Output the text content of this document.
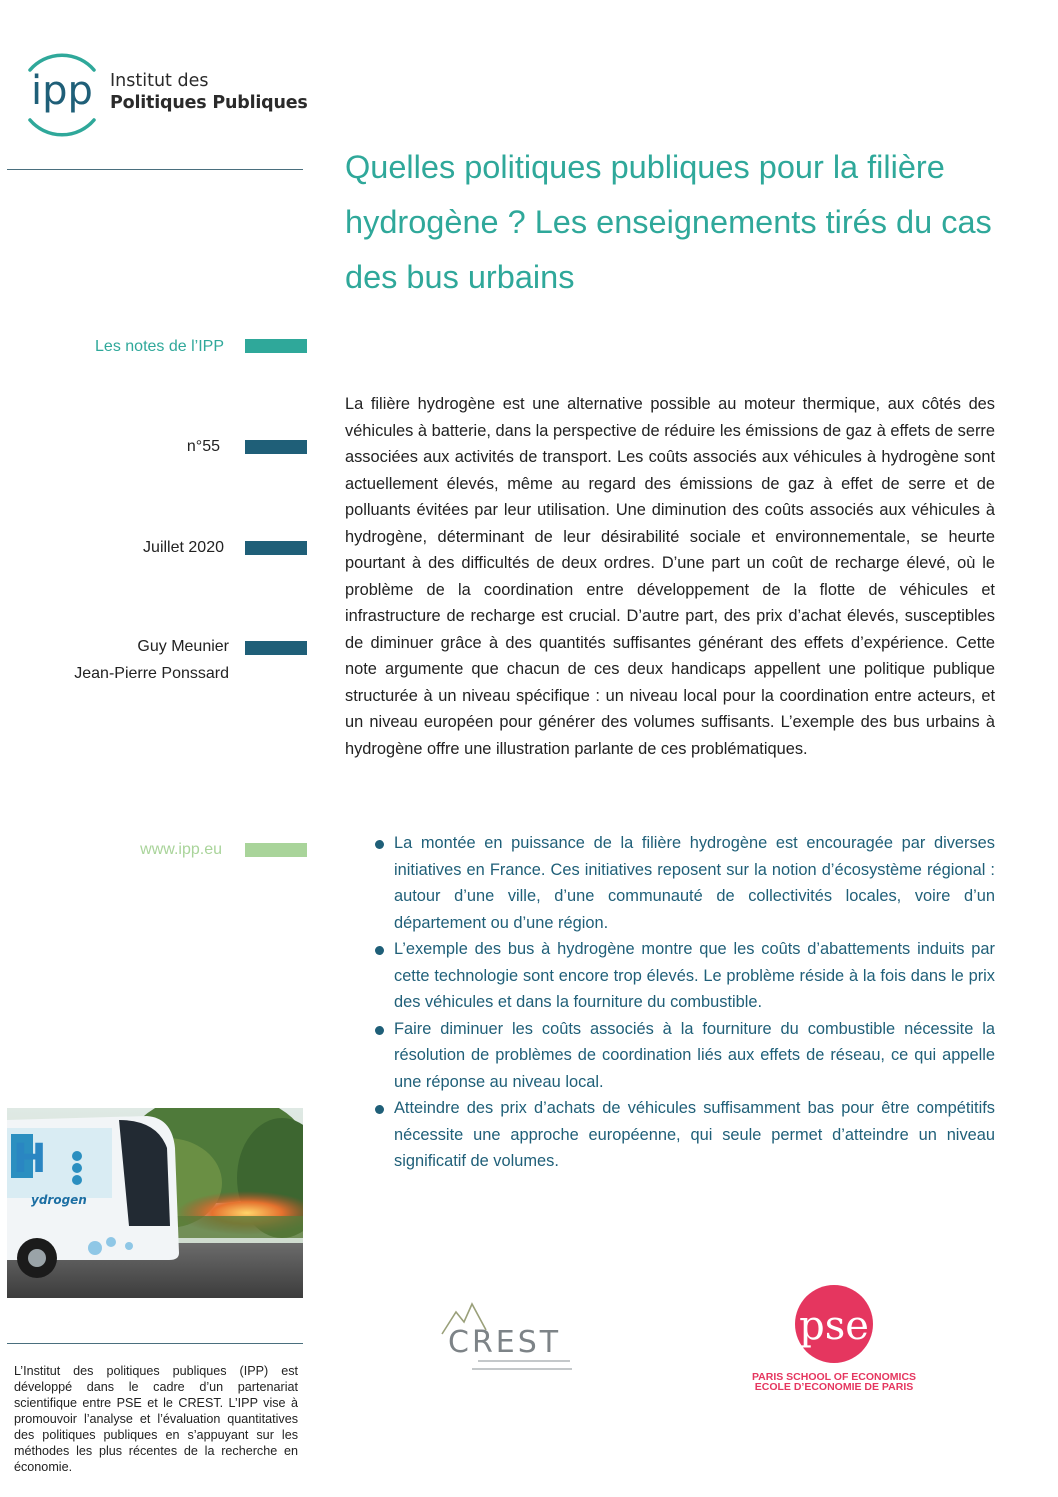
ipp Institut des
Politiques Publiques
Quelles politiques publiques pour la filière hydrogène ? Les enseignements tirés du cas des bus urbains
Les notes de l’IPP
n°55
Juillet 2020
Guy Meunier
Jean-Pierre Ponssard
www.ipp.eu
La filière hydrogène est une alternative possible au moteur thermique, aux côtés des véhicules à batterie, dans la perspective de réduire les émissions de gaz à effets de serre associées aux activités de transport. Les coûts associés aux véhicules à hydrogène sont actuellement élevés, même au regard des émissions de gaz à effet de serre et de polluants évitées par leur utilisation. Une diminution des coûts associés aux véhicules à hydrogène, déterminant de leur désirabilité sociale et environnementale, se heurte pourtant à des difficultés de deux ordres. D’une part un coût de recharge élevé, où le problème de la coordination entre développement de la flotte de véhicules et infrastructure de recharge est crucial. D’autre part, des prix d’achat élevés, susceptibles de diminuer grâce à des quantités suffisantes générant des effets d’expérience. Cette note argumente que chacun de ces deux handicaps appellent une politique publique structurée à un niveau spécifique : un niveau local pour la coordination entre acteurs, et un niveau européen pour générer des volumes suffisants. L’exemple des bus urbains à hydrogène offre une illustration parlante de ces problématiques.
La montée en puissance de la filière hydrogène est encouragée par diverses initiatives en France. Ces initiatives reposent sur la notion d’écosystème régional : autour d’une ville, d’une communauté de collectivités locales, voire d’un département ou d’une région.
L’exemple des bus à hydrogène montre que les coûts d’abattements induits par cette technologie sont encore trop élevés. Le problème réside à la fois dans le prix des véhicules et dans la fourniture du combustible.
Faire diminuer les coûts associés à la fourniture du combustible nécessite la résolution de problèmes de coordination liés aux effets de réseau, ce qui appelle une réponse au niveau local.
Atteindre des prix d’achats de véhicules suffisamment bas pour être compétitifs nécessite une approche européenne, qui seule permet d’atteindre un niveau significatif de volumes.
H
ydrogen
L’Institut des politiques publiques (IPP) est développé dans le cadre d’un partenariat scientifique entre PSE et le CREST. L’IPP vise à promouvoir l’analyse et l’évaluation quantitatives des politiques publiques en s’appuyant sur les méthodes les plus récentes de la recherche en économie.
CREST	pse
PARIS SCHOOL OF ECONOMICS
ECOLE D’ECONOMIE DE PARIS
